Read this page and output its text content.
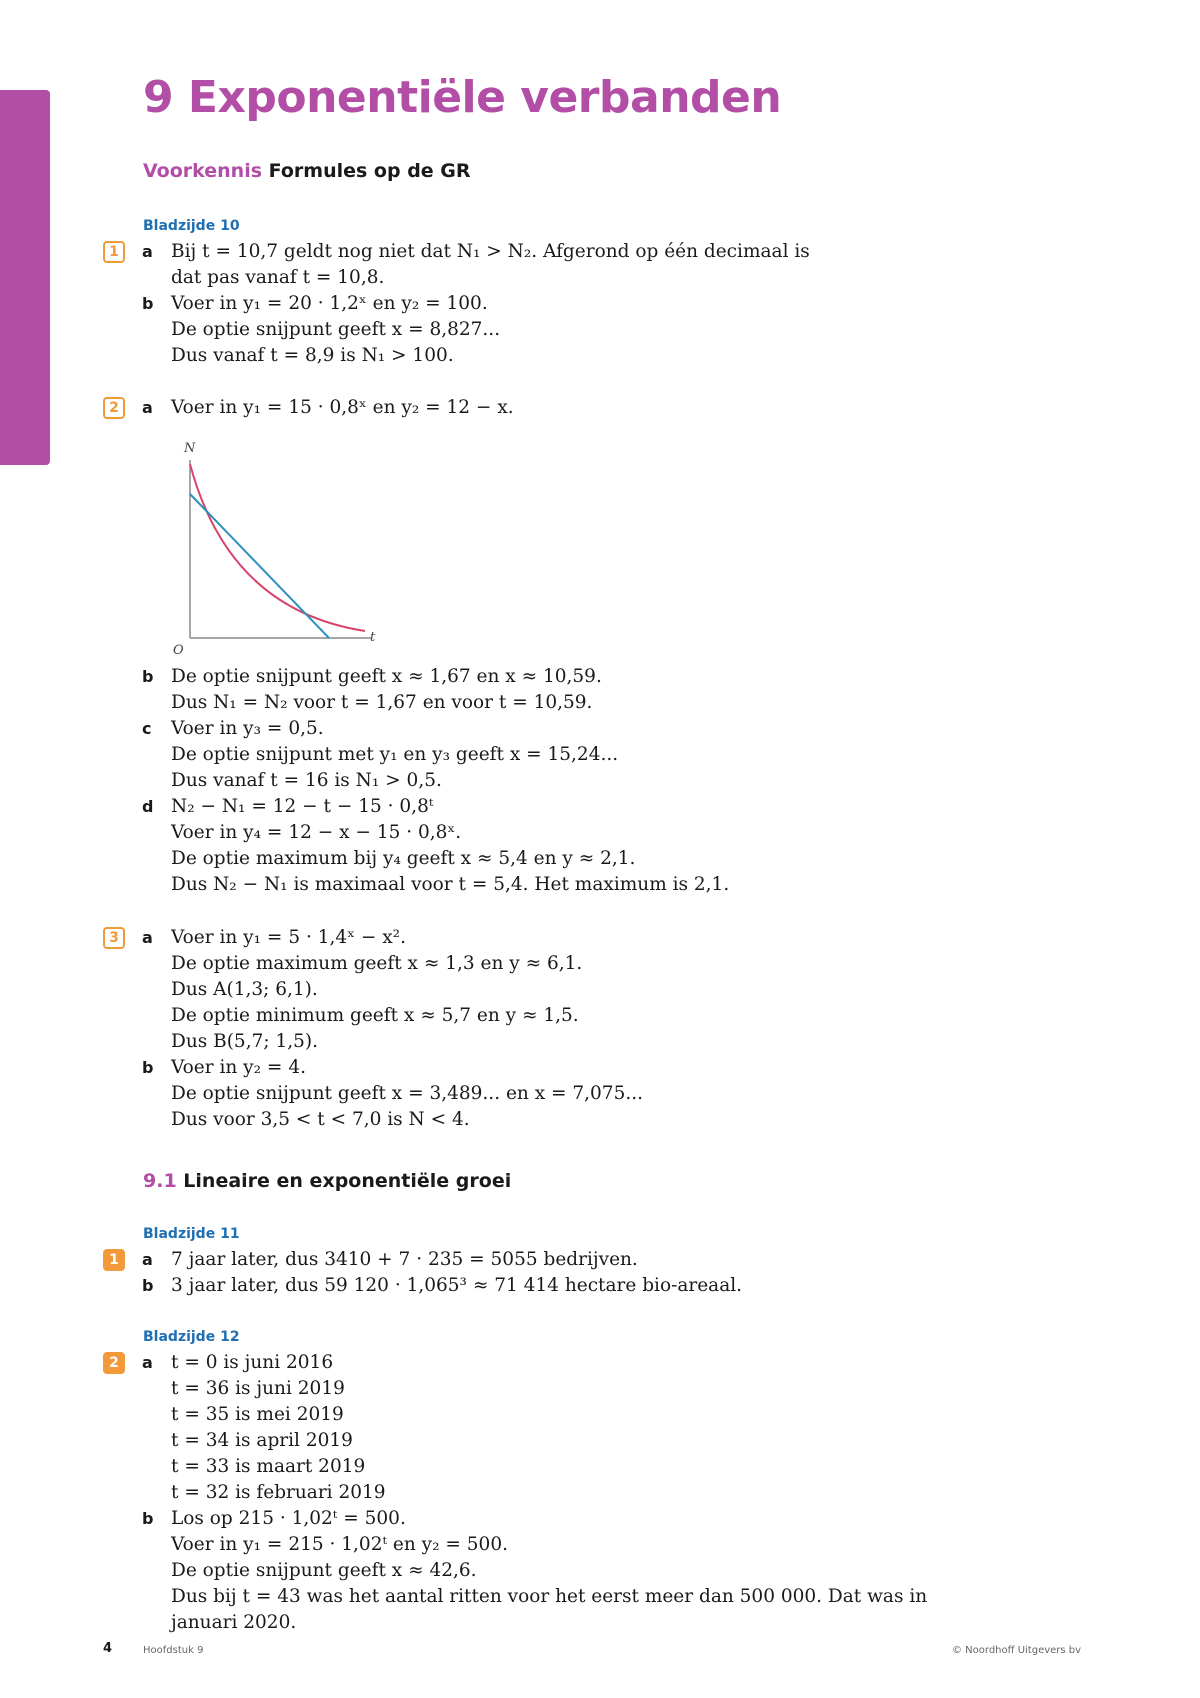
9 Exponentiële verbanden
Voorkennis Formules op de GR
Bladzijde 10
1	a Bij t = 10,7 geldt nog niet dat N₁ > N₂. Afgerond op één decimaal is
dat pas vanaf t = 10,8.
b Voer in y₁ = 20 · 1,2ˣ en y₂ = 100.
De optie snijpunt geeft x = 8,827...
Dus vanaf t = 8,9 is N₁ > 100.
2	a Voer in y₁ = 15 · 0,8ˣ en y₂ = 12 − x.
N
t
O
b De optie snijpunt geeft x ≈ 1,67 en x ≈ 10,59.
Dus N₁ = N₂ voor t = 1,67 en voor t = 10,59.
c Voer in y₃ = 0,5.
De optie snijpunt met y₁ en y₃ geeft x = 15,24...
Dus vanaf t = 16 is N₁ > 0,5.
d N₂ − N₁ = 12 − t − 15 · 0,8ᵗ
Voer in y₄ = 12 − x − 15 · 0,8ˣ.
De optie maximum bij y₄ geeft x ≈ 5,4 en y ≈ 2,1.
Dus N₂ − N₁ is maximaal voor t = 5,4. Het maximum is 2,1.
3	a Voer in y₁ = 5 · 1,4ˣ − x².
De optie maximum geeft x ≈ 1,3 en y ≈ 6,1.
Dus A(1,3; 6,1).
De optie minimum geeft x ≈ 5,7 en y ≈ 1,5.
Dus B(5,7; 1,5).
b Voer in y₂ = 4.
De optie snijpunt geeft x = 3,489... en x = 7,075...
Dus voor 3,5 < t < 7,0 is N < 4.
9.1 Lineaire en exponentiële groei
Bladzijde 11
1	a 7 jaar later, dus 3410 + 7 · 235 = 5055 bedrijven.
b 3 jaar later, dus 59 120 · 1,065³ ≈ 71 414 hectare bio-areaal.
Bladzijde 12
2	a t = 0 is juni 2016
t = 36 is juni 2019
t = 35 is mei 2019
t = 34 is april 2019
t = 33 is maart 2019
t = 32 is februari 2019
b Los op 215 · 1,02ᵗ = 500.
Voer in y₁ = 215 · 1,02ᵗ en y₂ = 500.
De optie snijpunt geeft x ≈ 42,6.
Dus bij t = 43 was het aantal ritten voor het eerst meer dan 500 000. Dat was in
januari 2020.
4	Hoofdstuk 9	© Noordhoff Uitgevers bv
